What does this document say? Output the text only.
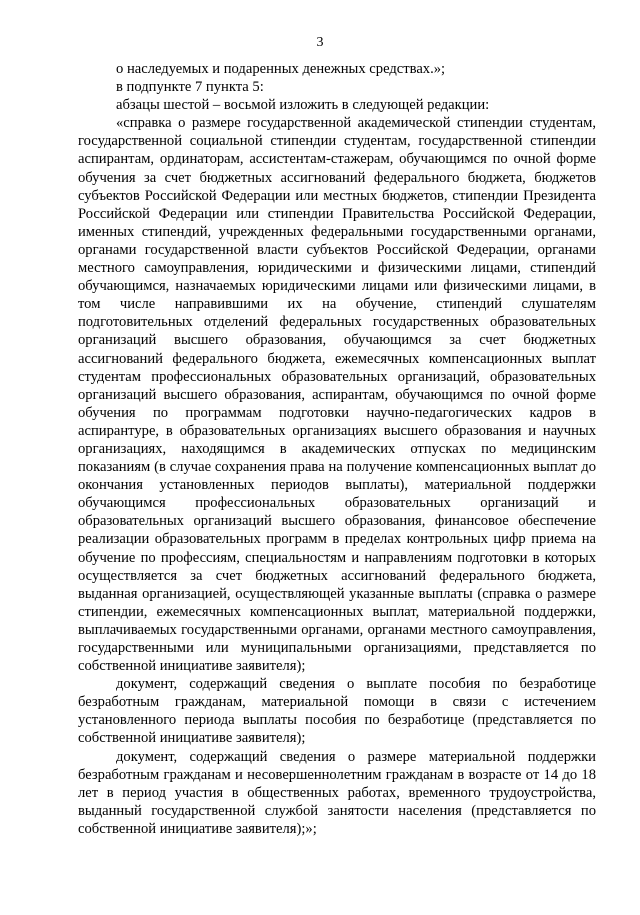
3

о наследуемых и подаренных денежных средствах.»;

в подпункте 7 пункта 5:

абзацы шестой – восьмой изложить в следующей редакции:

«справка о размере государственной академической стипендии студентам, государственной социальной стипендии студентам, государственной стипендии аспирантам, ординаторам, ассистентам-стажерам, обучающимся по очной форме обучения за счет бюджетных ассигнований федерального бюджета, бюджетов субъектов Российской Федерации или местных бюджетов, стипендии Президента Российской Федерации или стипендии Правительства Российской Федерации, именных стипендий, учрежденных федеральными государственными органами, органами государственной власти субъектов Российской Федерации, органами местного самоуправления, юридическими и физическими лицами, стипендий обучающимся, назначаемых юридическими лицами или физическими лицами, в том числе направившими их на обучение, стипендий слушателям подготовительных отделений федеральных государственных образовательных организаций высшего образования, обучающимся за счет бюджетных ассигнований федерального бюджета, ежемесячных компенсационных выплат студентам профессиональных образовательных организаций, образовательных организаций высшего образования, аспирантам, обучающимся по очной форме обучения по программам подготовки научно-педагогических кадров в аспирантуре, в образовательных организациях высшего образования и научных организациях, находящимся в академических отпусках по медицинским показаниям (в случае сохранения права на получение компенсационных выплат до окончания установленных периодов выплаты), материальной поддержки обучающимся профессиональных образовательных организаций и образовательных организаций высшего образования, финансовое обеспечение реализации образовательных программ в пределах контрольных цифр приема на обучение по профессиям, специальностям и направлениям подготовки в которых осуществляется за счет бюджетных ассигнований федерального бюджета, выданная организацией, осуществляющей указанные выплаты (справка о размере стипендии, ежемесячных компенсационных выплат, материальной поддержки, выплачиваемых государственными органами, органами местного самоуправления, государственными или муниципальными организациями, представляется по собственной инициативе заявителя);

документ, содержащий сведения о выплате пособия по безработице безработным гражданам, материальной помощи в связи с истечением установленного периода выплаты пособия по безработице (представляется по собственной инициативе заявителя);

документ, содержащий сведения о размере материальной поддержки безработным гражданам и несовершеннолетним гражданам в возрасте от 14 до 18 лет в период участия в общественных работах, временного трудоустройства, выданный государственной службой занятости населения (представляется по собственной инициативе заявителя);»;
